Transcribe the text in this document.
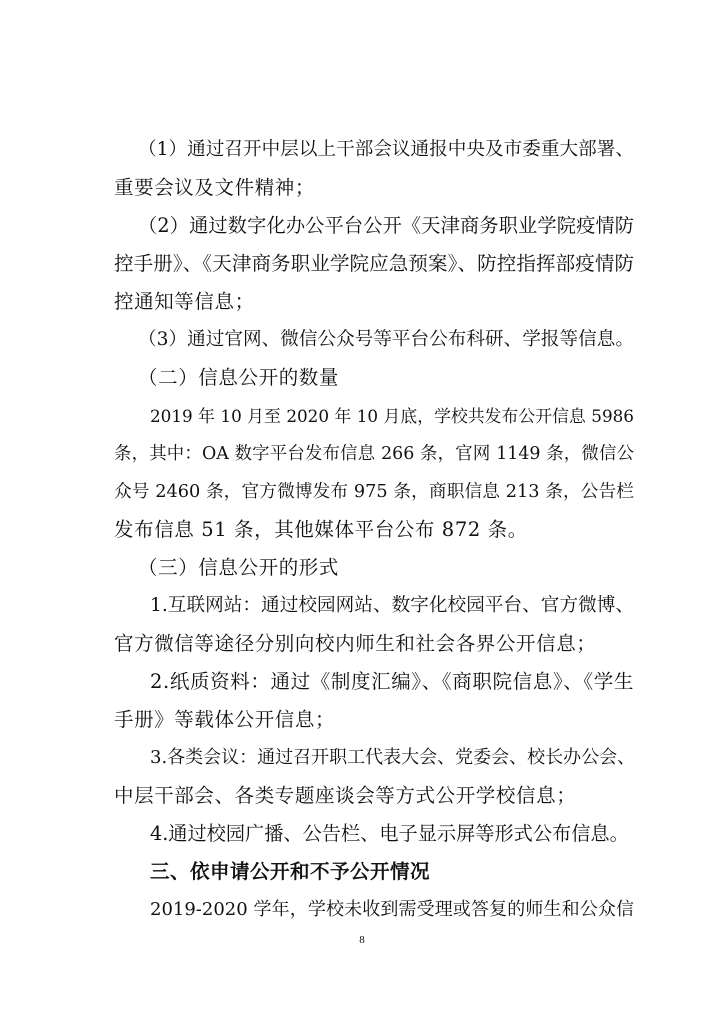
（1）通过召开中层以上干部会议通报中央及市委重大部署、
重要会议及文件精神；
（2）通过数字化办公平台公开《天津商务职业学院疫情防
控手册》、《天津商务职业学院应急预案》、防控指挥部疫情防
控通知等信息；
（3）通过官网、微信公众号等平台公布科研、学报等信息。
（二）信息公开的数量
2019 年 10 月至 2020 年 10 月底，学校共发布公开信息 5986
条，其中：OA 数字平台发布信息 266 条，官网 1149 条，微信公
众号 2460 条，官方微博发布 975 条，商职信息 213 条，公告栏
发布信息 51 条，其他媒体平台公布 872 条。
（三）信息公开的形式
1.互联网站：通过校园网站、数字化校园平台、官方微博、
官方微信等途径分别向校内师生和社会各界公开信息；
2.纸质资料：通过《制度汇编》、《商职院信息》、《学生
手册》等载体公开信息；
3.各类会议：通过召开职工代表大会、党委会、校长办公会、
中层干部会、各类专题座谈会等方式公开学校信息；
4.通过校园广播、公告栏、电子显示屏等形式公布信息。
三、依申请公开和不予公开情况
2019-2020 学年，学校未收到需受理或答复的师生和公众信
8
